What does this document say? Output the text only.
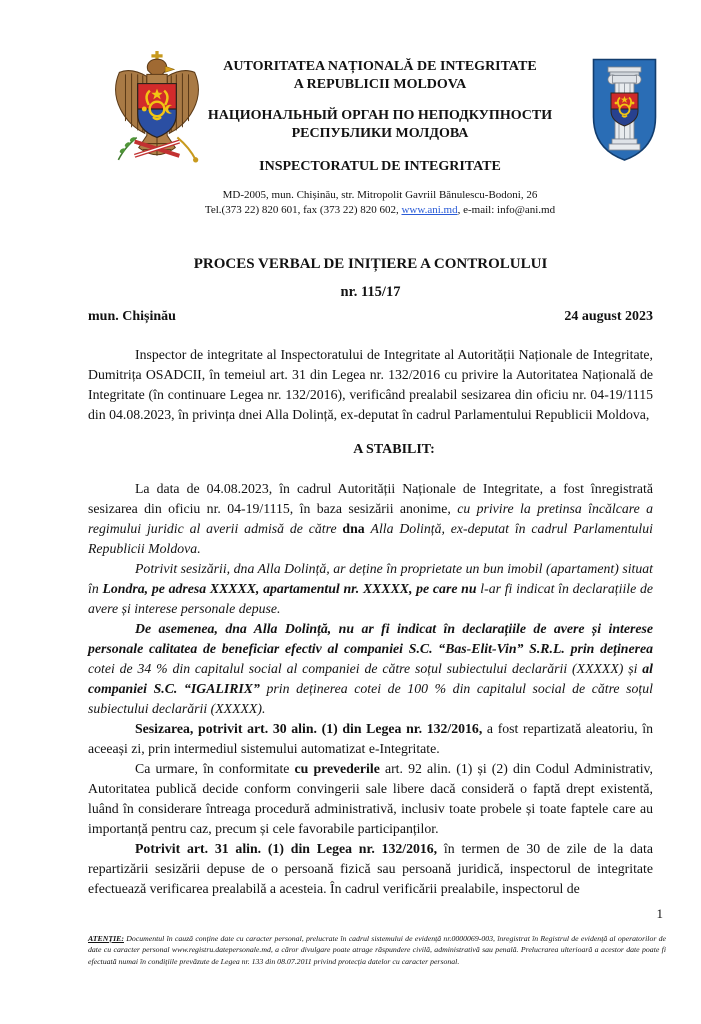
AUTORITATEA NAȚIONALĂ DE INTEGRITATE
A REPUBLICII MOLDOVA
НАЦИОНАЛЬНЫЙ ОРГАН ПО НЕПОДКУПНОСТИ
РЕСПУБЛИКИ МОЛДОВА
INSPECTORATUL DE INTEGRITATE
MD-2005, mun. Chișinău, str. Mitropolit Gavriil Bănulescu-Bodoni, 26
Tel.(373 22) 820 601, fax (373 22) 820 602, www.ani.md, e-mail: info@ani.md
PROCES VERBAL DE INIȚIERE A CONTROLULUI
nr. 115/17
mun. Chișinău	24 august 2023

Inspector de integritate al Inspectoratului de Integritate al Autorității Naționale de Integritate, Dumitrița OSADCII, în temeiul art. 31 din Legea nr. 132/2016 cu privire la Autoritatea Națională de Integritate (în continuare Legea nr. 132/2016), verificând prealabil sesizarea din oficiu nr. 04-19/1115 din 04.08.2023, în privința dnei Alla Dolință, ex-deputat în cadrul Parlamentului Republicii Moldova,

A STABILIT:

La data de 04.08.2023, în cadrul Autorității Naționale de Integritate, a fost înregistrată sesizarea din oficiu nr. 04-19/1115, în baza sesizării anonime, cu privire la pretinsa încălcare a regimului juridic al averii admisă de către dna Alla Dolință, ex-deputat în cadrul Parlamentului Republicii Moldova.

Potrivit sesizării, dna Alla Dolință, ar deține în proprietate un bun imobil (apartament) situat în Londra, pe adresa XXXXX, apartamentul nr. XXXXX, pe care nu l-ar fi indicat în declarațiile de avere și interese personale depuse.

De asemenea, dna Alla Dolință, nu ar fi indicat în declarațiile de avere și interese personale calitatea de beneficiar efectiv al companiei S.C. “Bas-Elit-Vin” S.R.L. prin deținerea cotei de 34 % din capitalul social al companiei de către soțul subiectului declarării (XXXXX) și al companiei S.C. “IGALIRIX” prin deținerea cotei de 100 % din capitalul social de către soțul subiectului declarării (XXXXX).

Sesizarea, potrivit art. 30 alin. (1) din Legea nr. 132/2016, a fost repartizată aleatoriu, în aceeași zi, prin intermediul sistemului automatizat e-Integritate.

Ca urmare, în conformitate cu prevederile art. 92 alin. (1) și (2) din Codul Administrativ, Autoritatea publică decide conform convingerii sale libere dacă consideră o faptă drept existentă, luând în considerare întreaga procedură administrativă, inclusiv toate probele și toate faptele care au importanță pentru caz, precum și cele favorabile participanților.

Potrivit art. 31 alin. (1) din Legea nr. 132/2016, în termen de 30 de zile de la data repartizării sesizării depuse de o persoană fizică sau persoană juridică, inspectorul de integritate efectuează verificarea prealabilă a acesteia. În cadrul verificării prealabile, inspectorul de

1
ATENȚIE: Documentul în cauză conține date cu caracter personal, prelucrate în cadrul sistemului de evidență nr.0000069-003, înregistrat în Registrul de evidență al operatorilor de date cu caracter personal www.registru.datepersonale.md, a căror divulgare poate atrage răspundere civilă, administrativă sau penală. Prelucrarea ulterioară a acestor date poate fi efectuată numai în condițiile prevăzute de Legea nr. 133 din 08.07.2011 privind protecția datelor cu caracter personal.
